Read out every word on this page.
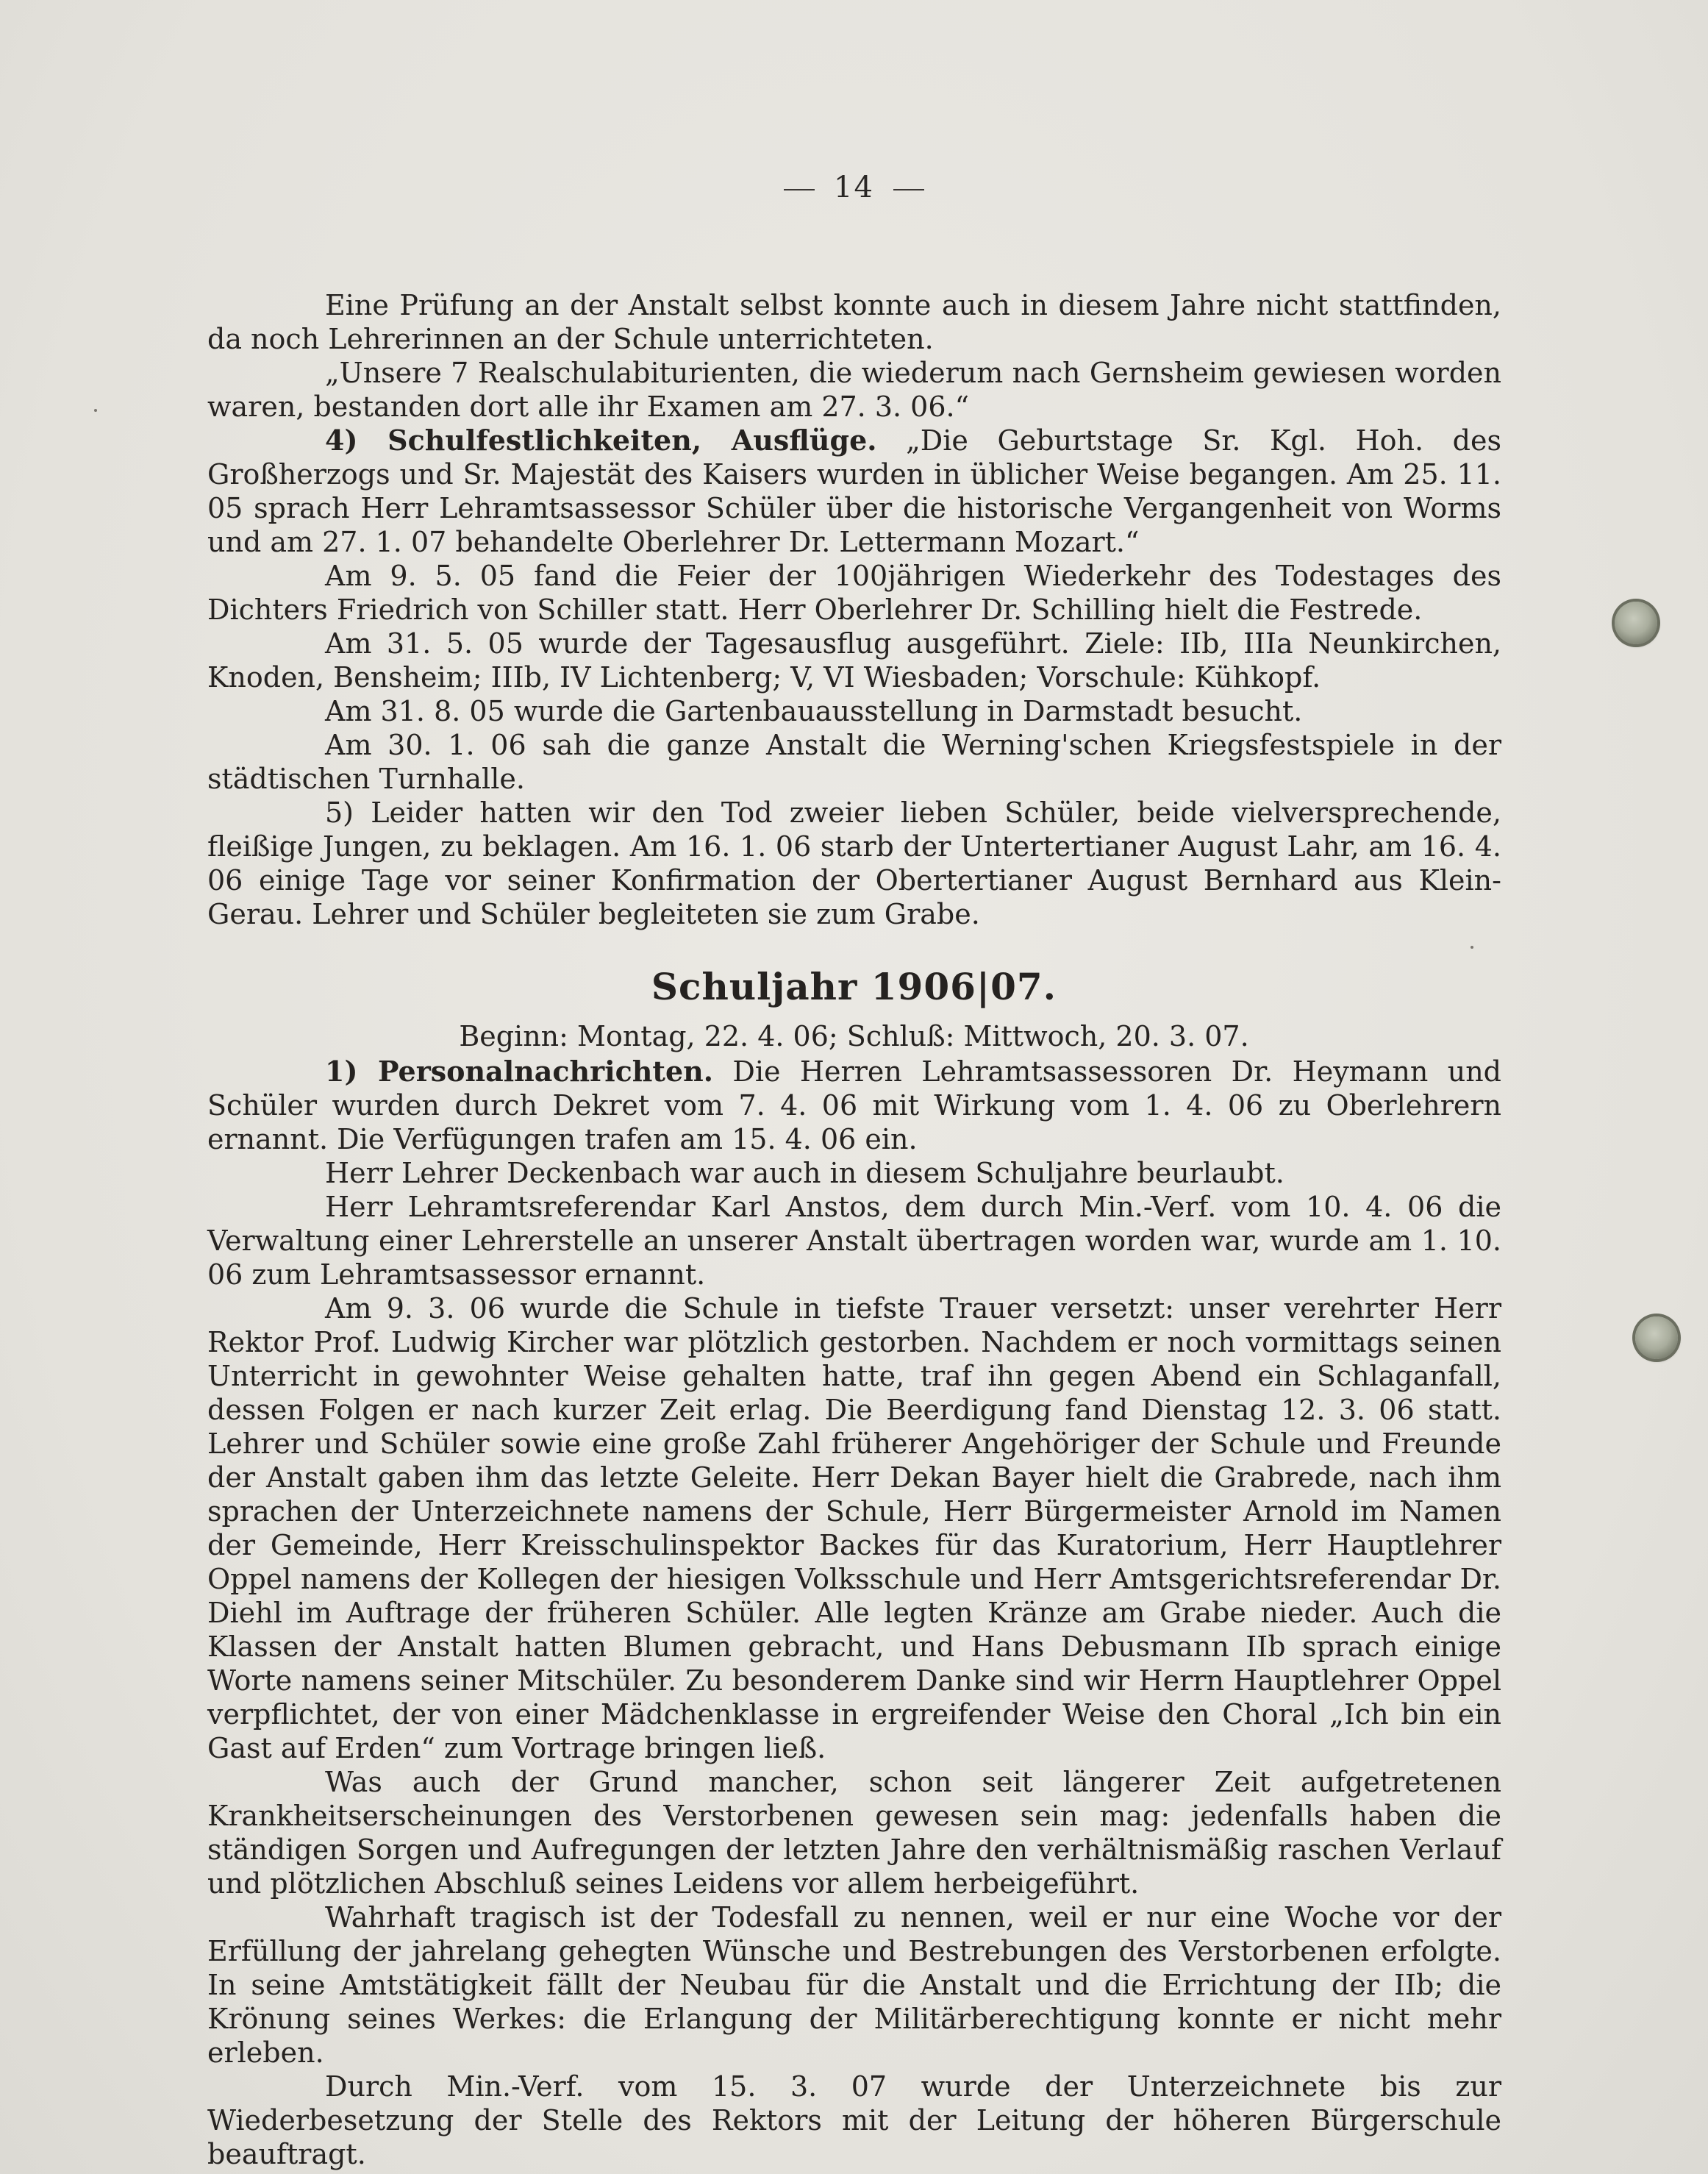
14

Eine Prüfung an der Anstalt selbst konnte auch in diesem Jahre nicht stattfinden, da noch Lehrerinnen an der Schule unterrichteten.

„Unsere 7 Realschulabiturienten, die wiederum nach Gernsheim gewiesen worden waren, bestanden dort alle ihr Examen am 27. 3. 06.“

4) Schulfestlichkeiten, Ausflüge. „Die Geburtstage Sr. Kgl. Hoh. des Großherzogs und Sr. Majestät des Kaisers wurden in üblicher Weise begangen. Am 25. 11. 05 sprach Herr Lehramtsassessor Schüler über die historische Vergangenheit von Worms und am 27. 1. 07 behandelte Oberlehrer Dr. Lettermann Mozart.“

Am 9. 5. 05 fand die Feier der 100jährigen Wiederkehr des Todestages des Dichters Friedrich von Schiller statt. Herr Oberlehrer Dr. Schilling hielt die Festrede.

Am 31. 5. 05 wurde der Tagesausflug ausgeführt. Ziele: IIb, IIIa Neunkirchen, Knoden, Bensheim; IIIb, IV Lichtenberg; V, VI Wiesbaden; Vorschule: Kühkopf.

Am 31. 8. 05 wurde die Gartenbauausstellung in Darmstadt besucht.

Am 30. 1. 06 sah die ganze Anstalt die Werning'schen Kriegsfestspiele in der städtischen Turnhalle.

5) Leider hatten wir den Tod zweier lieben Schüler, beide vielversprechende, fleißige Jungen, zu beklagen. Am 16. 1. 06 starb der Untertertianer August Lahr, am 16. 4. 06 einige Tage vor seiner Konfirmation der Obertertianer August Bernhard aus Klein-Gerau. Lehrer und Schüler begleiteten sie zum Grabe.

Schuljahr 1906|07.
Beginn: Montag, 22. 4. 06; Schluß: Mittwoch, 20. 3. 07.

1) Personalnachrichten. Die Herren Lehramtsassessoren Dr. Heymann und Schüler wurden durch Dekret vom 7. 4. 06 mit Wirkung vom 1. 4. 06 zu Oberlehrern ernannt. Die Verfügungen trafen am 15. 4. 06 ein.

Herr Lehrer Deckenbach war auch in diesem Schuljahre beurlaubt.

Herr Lehramtsreferendar Karl Anstos, dem durch Min.-Verf. vom 10. 4. 06 die Verwaltung einer Lehrerstelle an unserer Anstalt übertragen worden war, wurde am 1. 10. 06 zum Lehramtsassessor ernannt.

Am 9. 3. 06 wurde die Schule in tiefste Trauer versetzt: unser verehrter Herr Rektor Prof. Ludwig Kircher war plötzlich gestorben. Nachdem er noch vormittags seinen Unterricht in gewohnter Weise gehalten hatte, traf ihn gegen Abend ein Schlaganfall, dessen Folgen er nach kurzer Zeit erlag. Die Beerdigung fand Dienstag 12. 3. 06 statt. Lehrer und Schüler sowie eine große Zahl früherer Angehöriger der Schule und Freunde der Anstalt gaben ihm das letzte Geleite. Herr Dekan Bayer hielt die Grabrede, nach ihm sprachen der Unterzeichnete namens der Schule, Herr Bürgermeister Arnold im Namen der Gemeinde, Herr Kreisschulinspektor Backes für das Kuratorium, Herr Hauptlehrer Oppel namens der Kollegen der hiesigen Volksschule und Herr Amtsgerichtsreferendar Dr. Diehl im Auftrage der früheren Schüler. Alle legten Kränze am Grabe nieder. Auch die Klassen der Anstalt hatten Blumen gebracht, und Hans Debusmann IIb sprach einige Worte namens seiner Mitschüler. Zu besonderem Danke sind wir Herrn Hauptlehrer Oppel verpflichtet, der von einer Mädchenklasse in ergreifender Weise den Choral „Ich bin ein Gast auf Erden“ zum Vortrage bringen ließ.

Was auch der Grund mancher, schon seit längerer Zeit aufgetretenen Krankheitserscheinungen des Verstorbenen gewesen sein mag: jedenfalls haben die ständigen Sorgen und Aufregungen der letzten Jahre den verhältnismäßig raschen Verlauf und plötzlichen Abschluß seines Leidens vor allem herbeigeführt.

Wahrhaft tragisch ist der Todesfall zu nennen, weil er nur eine Woche vor der Erfüllung der jahrelang gehegten Wünsche und Bestrebungen des Verstorbenen erfolgte. In seine Amtstätigkeit fällt der Neubau für die Anstalt und die Errichtung der IIb; die Krönung seines Werkes: die Erlangung der Militärberechtigung konnte er nicht mehr erleben.

Durch Min.-Verf. vom 15. 3. 07 wurde der Unterzeichnete bis zur Wiederbesetzung der Stelle des Rektors mit der Leitung der höheren Bürgerschule beauftragt.
